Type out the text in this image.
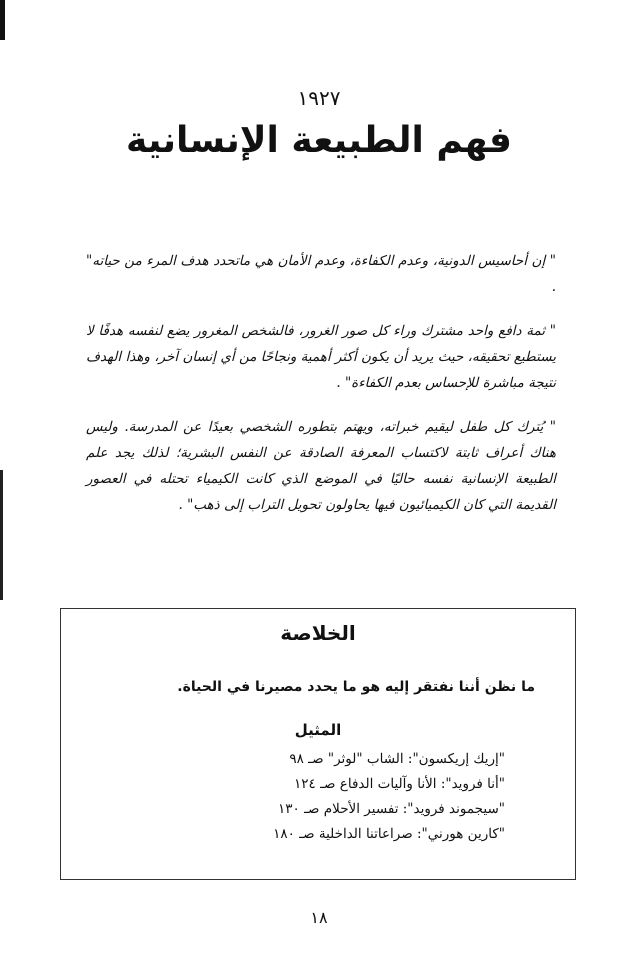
١٩٢٧
فهم الطبيعة الإنسانية

" إن أحاسيس الدونية، وعدم الكفاءة، وعدم الأمان هي ماتحدد هدف المرء من حياته" .

" ثمة دافع واحد مشترك وراء كل صور الغرور، فالشخص المغرور يضع لنفسه هدفًا لا يستطيع تحقيقه، حيث يريد أن يكون أكثر أهمية ونجاحًا من أي إنسان آخر، وهذا الهدف نتيجة مباشرة للإحساس بعدم الكفاءة" .

" يُترك كل طفل ليقيم خبراته، ويهتم بتطوره الشخصي بعيدًا عن المدرسة. وليس هناك أعراف ثابتة لاكتساب المعرفة الصادقة عن النفس البشرية؛ لذلك يجد علم الطبيعة الإنسانية نفسه حاليًا في الموضع الذي كانت الكيمياء تحتله في العصور القديمة التي كان الكيميائيون فيها يحاولون تحويل التراب إلى ذهب" .

الخلاصة
ما نظن أننا نفتقر إليه هو ما يحدد مصيرنا في الحياة.
المثيل
"إريك إريكسون": الشاب "لوثر" صـ ٩٨
"أنا فرويد": الأنا وآليات الدفاع صـ ١٢٤
"سيجموند فرويد": تفسير الأحلام صـ ١٣٠
"كارين هورني": صراعاتنا الداخلية صـ ١٨٠
١٨
